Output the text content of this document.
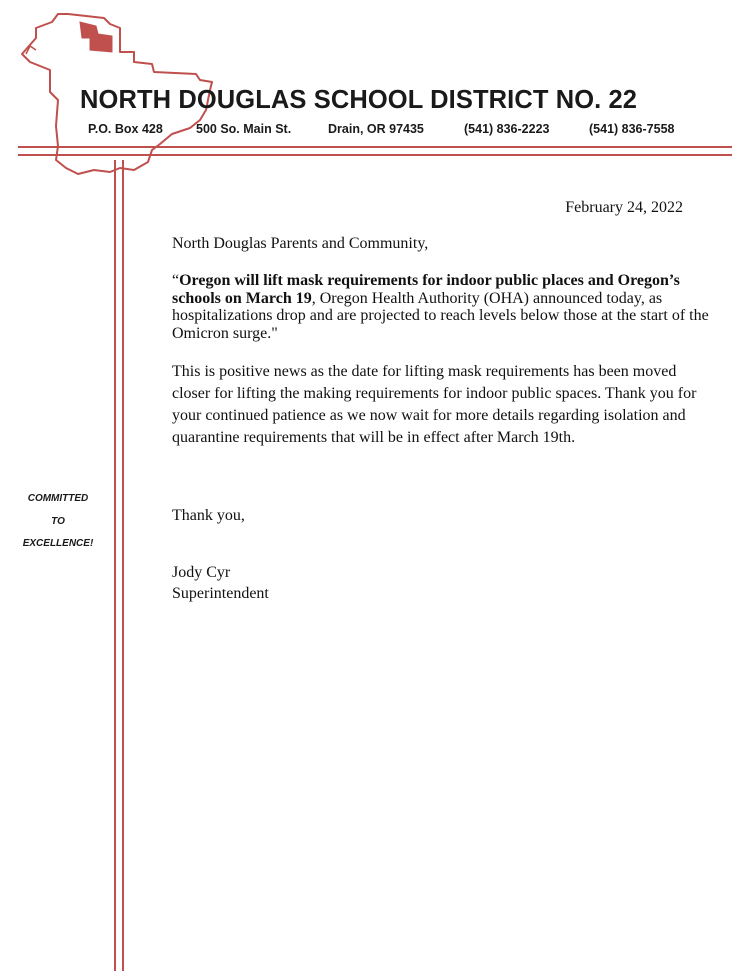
NORTH DOUGLAS SCHOOL DISTRICT NO. 22
P.O. Box 428	500 So. Main St.	Drain, OR 97435	(541) 836-2223	(541) 836-7558
COMMITTED
TO
EXCELLENCE!
February 24, 2022
North Douglas Parents and Community,
“Oregon will lift mask requirements for indoor public places and Oregon’s schools on March 19, Oregon Health Authority (OHA) announced today, as hospitalizations drop and are projected to reach levels below those at the start of the Omicron surge."
This is positive news as the date for lifting mask requirements has been moved closer for lifting the making requirements for indoor public spaces. Thank you for your continued patience as we now wait for more details regarding isolation and quarantine requirements that will be in effect after March 19th.
Thank you,
Jody Cyr
Superintendent
